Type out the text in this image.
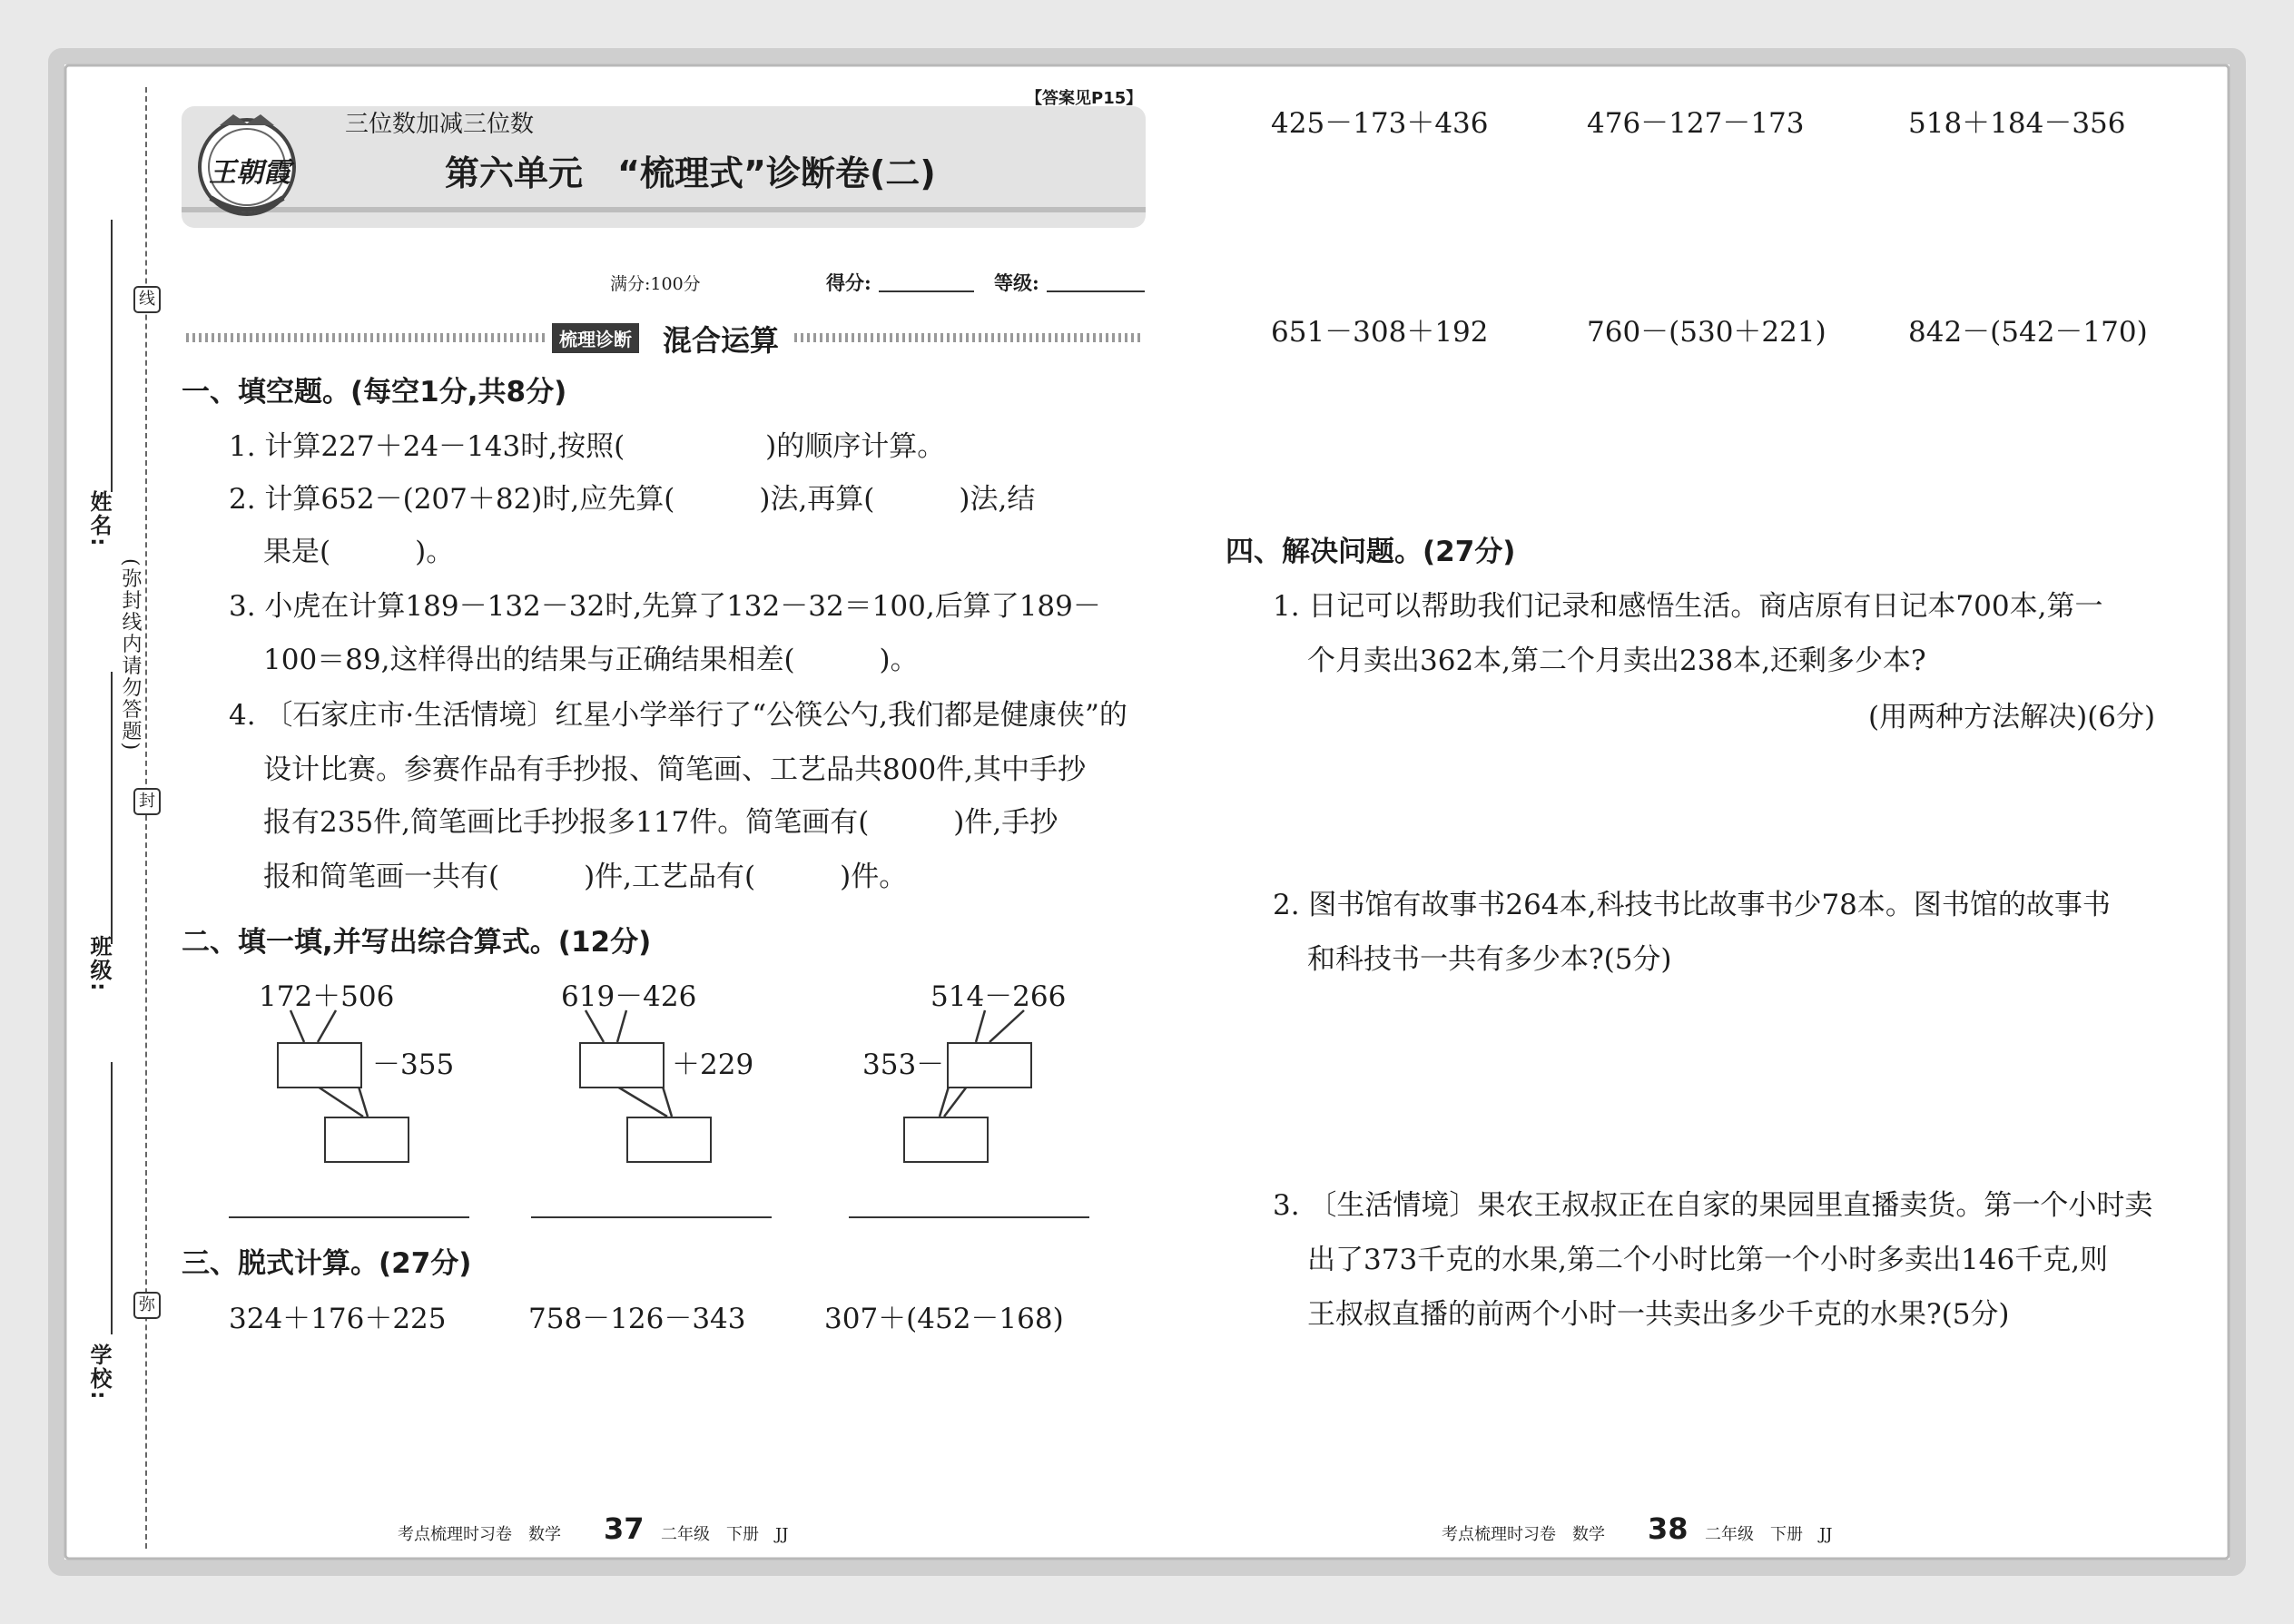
线
封
弥
(弥封线内请勿答题)
姓名:
班级:
学校:
【答案见P15】
三位数加减三位数
第六单元　“梳理式”诊断卷(二)
王朝霞
满分:100分	得分:	等级:
梳理诊断 混合运算
一、填空题。(每空1分,共8分)
1. 计算227＋24－143时,按照(　　　　　)的顺序计算。
2. 计算652－(207＋82)时,应先算(　　　)法,再算(　　　)法,结
果是(　　　)。
3. 小虎在计算189－132－32时,先算了132－32＝100,后算了189－
100＝89,这样得出的结果与正确结果相差(　　　)。
4. 〔石家庄市·生活情境〕红星小学举行了“公筷公勺,我们都是健康侠”的
设计比赛。参赛作品有手抄报、简笔画、工艺品共800件,其中手抄
报有235件,简笔画比手抄报多117件。简笔画有(　　　)件,手抄
报和简笔画一共有(　　　)件,工艺品有(　　　)件。
二、填一填,并写出综合算式。(12分)
172＋506
－355
619－426
＋229
514－266
353－
三、脱式计算。(27分)
324＋176＋225	758－126－343	307＋(452－168)
425－173＋436	476－127－173	518＋184－356
651－308＋192	760－(530＋221)	842－(542－170)
四、解决问题。(27分)
1. 日记可以帮助我们记录和感悟生活。商店原有日记本700本,第一
个月卖出362本,第二个月卖出238本,还剩多少本?
(用两种方法解决)(6分)
2. 图书馆有故事书264本,科技书比故事书少78本。图书馆的故事书
和科技书一共有多少本?(5分)
3. 〔生活情境〕果农王叔叔正在自家的果园里直播卖货。第一个小时卖
出了373千克的水果,第二个小时比第一个小时多卖出146千克,则
王叔叔直播的前两个小时一共卖出多少千克的水果?(5分)
考点梳理时习卷　数学 37 二年级　下册　JJ	考点梳理时习卷　数学 38 二年级　下册　JJ
